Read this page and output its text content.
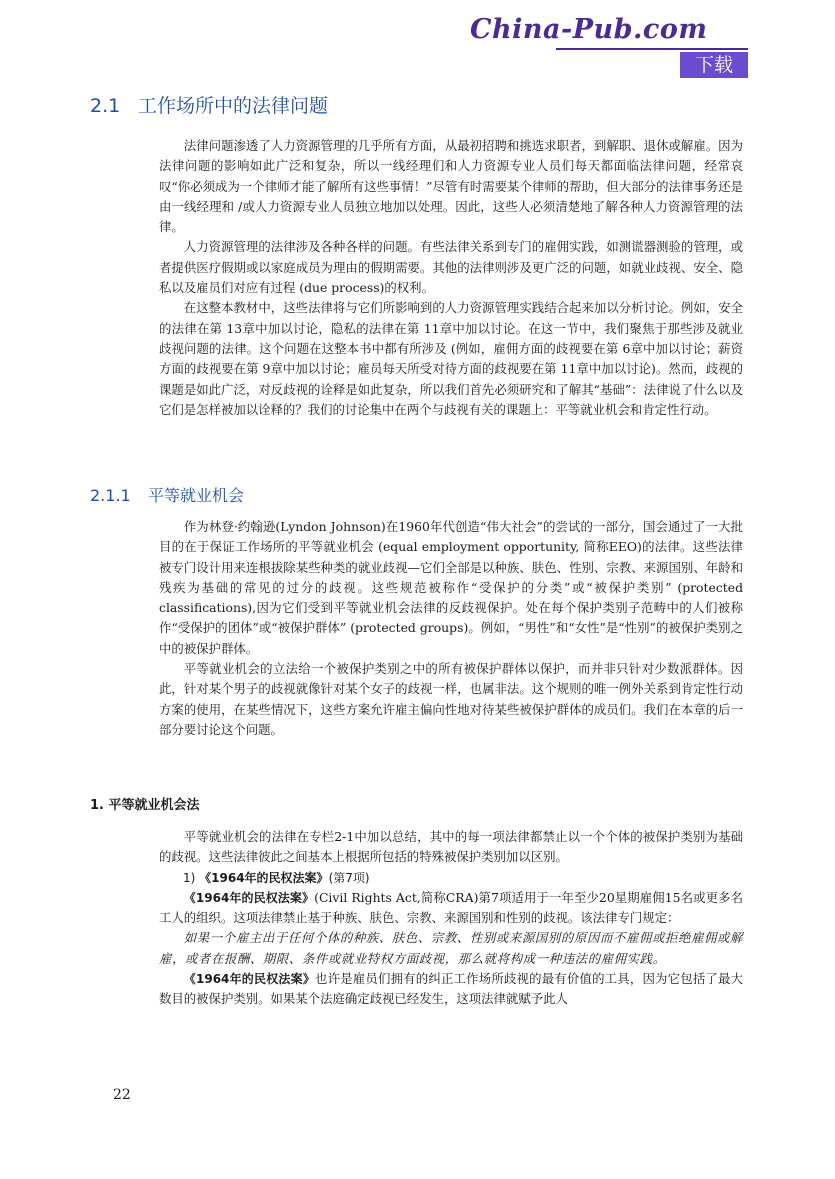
China-Pub.com
下载
2.1 工作场所中的法律问题

法律问题渗透了人力资源管理的几乎所有方面，从最初招聘和挑选求职者，到解职、退休或解雇。因为法律问题的影响如此广泛和复杂，所以一线经理们和人力资源专业人员们每天都面临法律问题，经常哀叹“你必须成为一个律师才能了解所有这些事情！”尽管有时需要某个律师的帮助，但大部分的法律事务还是由一线经理和 /或人力资源专业人员独立地加以处理。因此，这些人必须清楚地了解各种人力资源管理的法律。

人力资源管理的法律涉及各种各样的问题。有些法律关系到专门的雇佣实践，如测谎器测验的管理，或者提供医疗假期或以家庭成员为理由的假期需要。其他的法律则涉及更广泛的问题，如就业歧视、安全、隐私以及雇员们对应有过程 (due process)的权利。

在这整本教材中，这些法律将与它们所影响到的人力资源管理实践结合起来加以分析讨论。例如，安全的法律在第 13章中加以讨论，隐私的法律在第 11章中加以讨论。在这一节中，我们聚焦于那些涉及就业歧视问题的法律。这个问题在这整本书中都有所涉及 (例如，雇佣方面的歧视要在第 6章中加以讨论；薪资方面的歧视要在第 9章中加以讨论；雇员每天所受对待方面的歧视要在第 11章中加以讨论)。然而，歧视的课题是如此广泛，对反歧视的诠释是如此复杂，所以我们首先必须研究和了解其“基础”：法律说了什么以及它们是怎样被加以诠释的？我们的讨论集中在两个与歧视有关的课题上：平等就业机会和肯定性行动。

2.1.1 平等就业机会

作为林登·约翰逊(Lyndon Johnson)在1960年代创造“伟大社会”的尝试的一部分，国会通过了一大批目的在于保证工作场所的平等就业机会 (equal employment opportunity, 简称EEO)的法律。这些法律被专门设计用来连根拔除某些种类的就业歧视—它们全部是以种族、肤色、性别、宗教、来源国别、年龄和残疾为基础的常见的过分的歧视。这些规范被称作“受保护的分类”或“被保护类别” (protected classifications),因为它们受到平等就业机会法律的反歧视保护。处在每个保护类别子范畴中的人们被称作“受保护的团体”或“被保护群体” (protected groups)。例如，“男性”和“女性”是“性别”的被保护类别之中的被保护群体。

平等就业机会的立法给一个被保护类别之中的所有被保护群体以保护，而并非只针对少数派群体。因此，针对某个男子的歧视就像针对某个女子的歧视一样，也属非法。这个规则的唯一例外关系到肯定性行动方案的使用，在某些情况下，这些方案允许雇主偏向性地对待某些被保护群体的成员们。我们在本章的后一部分要讨论这个问题。

1. 平等就业机会法

平等就业机会的法律在专栏2-1中加以总结，其中的每一项法律都禁止以一个个体的被保护类别为基础的歧视。这些法律彼此之间基本上根据所包括的特殊被保护类别加以区别。

1) 《1964年的民权法案》(第7项)

《1964年的民权法案》(Civil Rights Act,简称CRA)第7项适用于一年至少20星期雇佣15名或更多名工人的组织。这项法律禁止基于种族、肤色、宗教、来源国别和性别的歧视。该法律专门规定：

如果一个雇主出于任何个体的种族、肤色、宗教、性别或来源国别的原因而不雇佣或拒绝雇佣或解雇，或者在报酬、期限、条件或就业特权方面歧视，那么就将构成一种违法的雇佣实践。

《1964年的民权法案》也许是雇员们拥有的纠正工作场所歧视的最有价值的工具，因为它包括了最大数目的被保护类别。如果某个法庭确定歧视已经发生，这项法律就赋予此人

22
